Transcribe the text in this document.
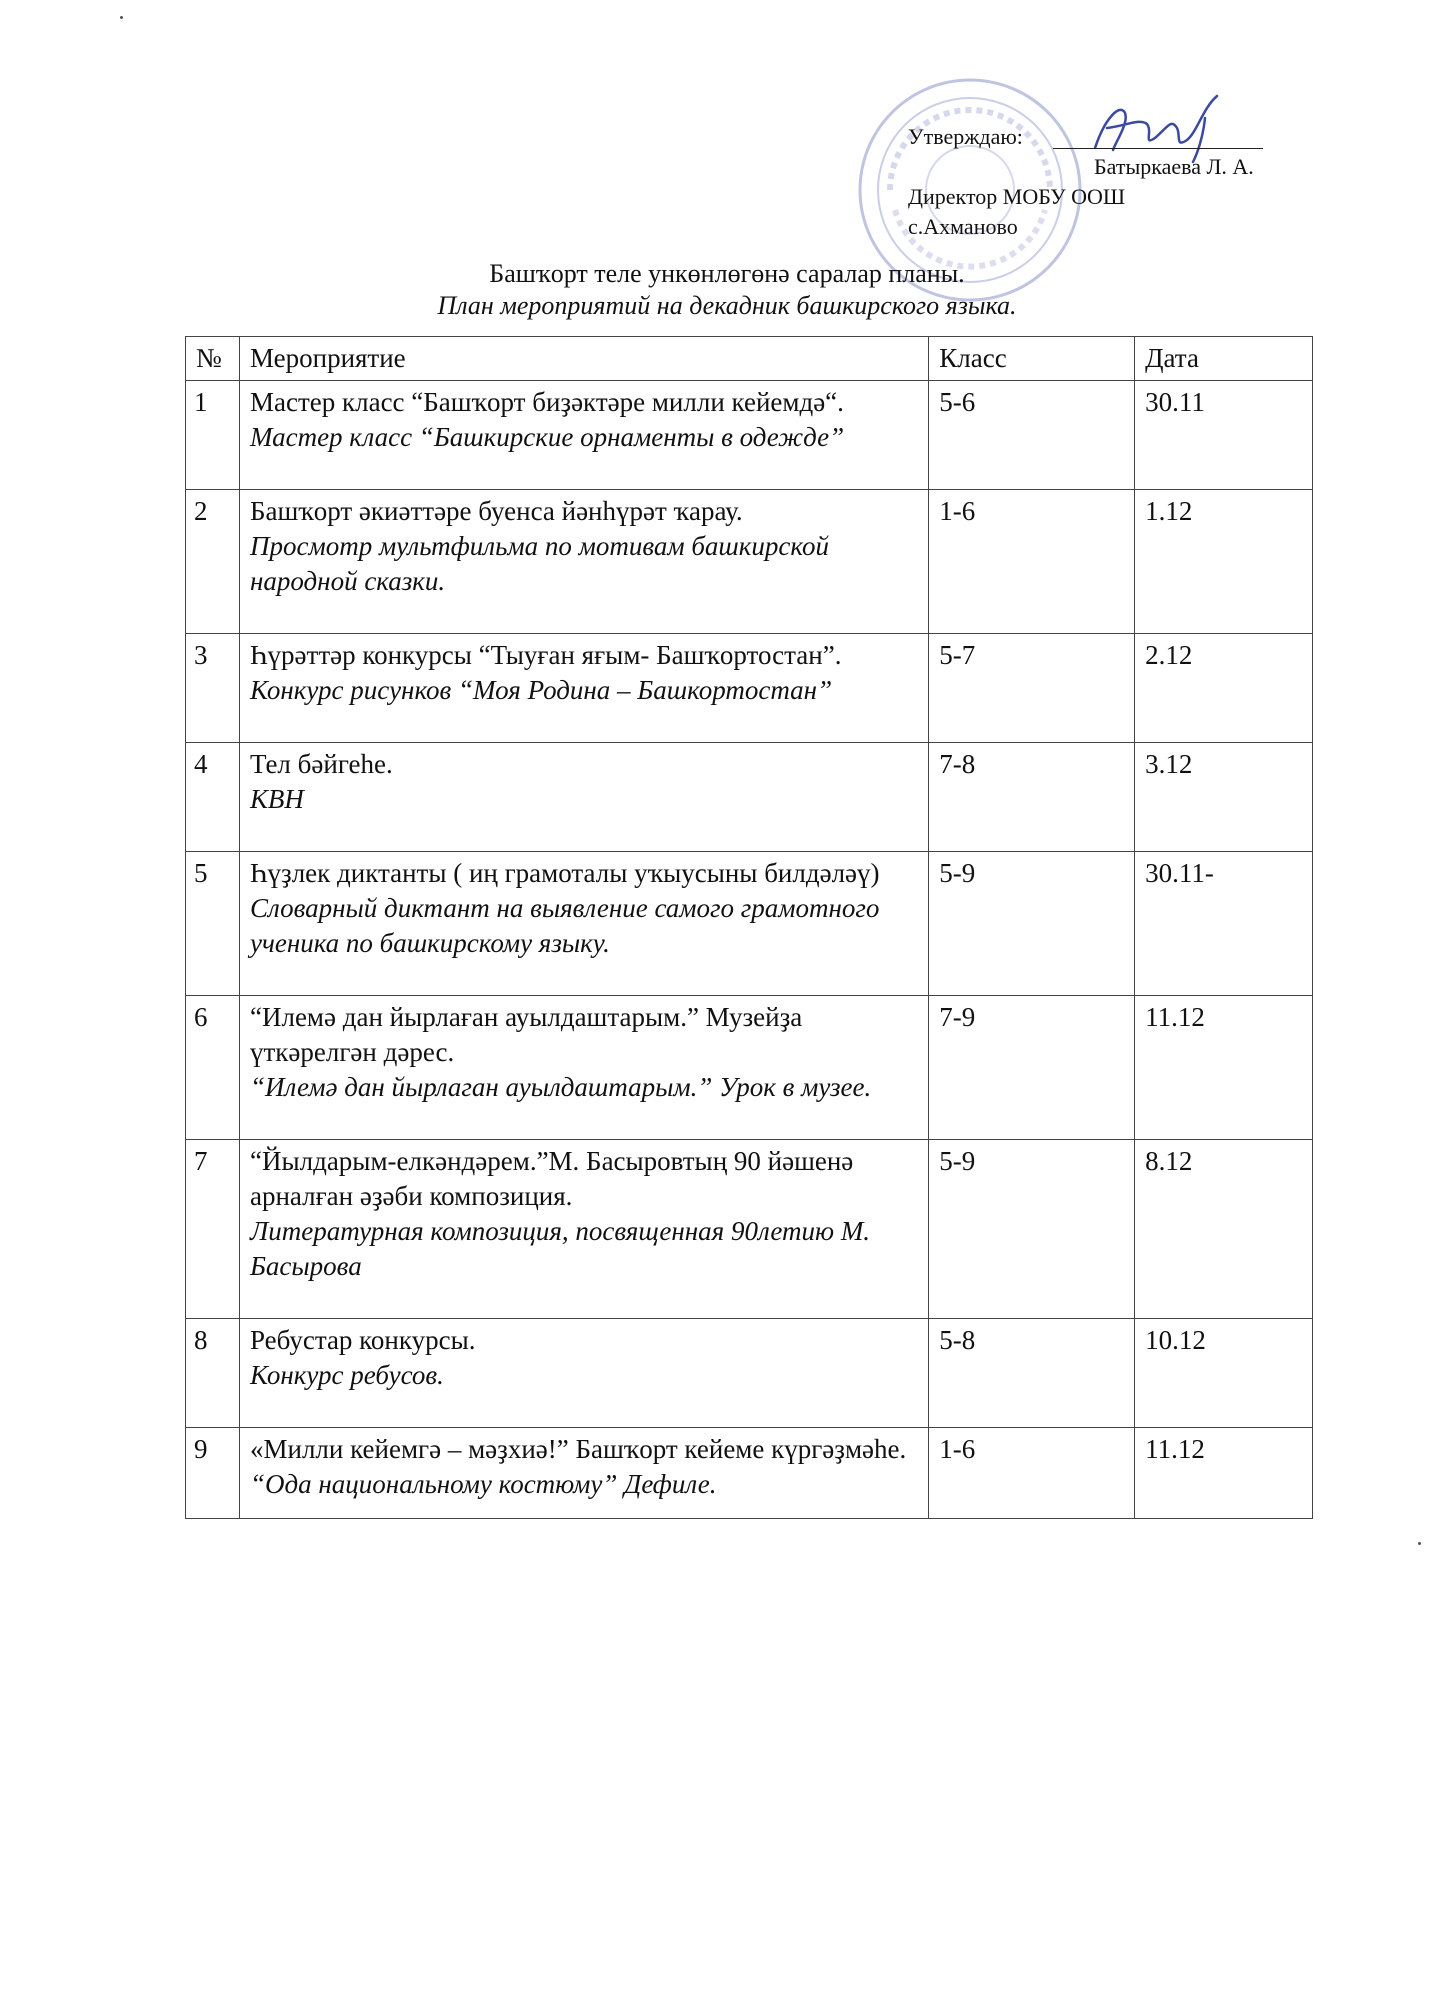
Утверждаю:
Батыркаева Л. А.
Директор МОБУ ООШ
с.Ахманово
Башҡорт теле ункөнлөгөнә саралар планы.
План мероприятий на декадник башкирского языка.
№	Мероприятие	Класс	Дата
1	Мастер класс “Башҡорт биҙәктәре милли кейемдә“.
Мастер класс “Башкирские орнаменты в одежде”	5-6	30.11
2	Башҡорт әкиәттәре буенса йәнһүрәт ҡарау.
Просмотр мультфильма по мотивам башкирской народной сказки.	1-6	1.12
3	Һүрәттәр конкурсы “Тыуған яғым- Башҡортостан”.
Конкурс рисунков “Моя Родина – Башкортостан”	5-7	2.12
4	Тел бәйгеһе.
КВН	7-8	3.12
5	Һүҙлек диктанты ( иң грамоталы уҡыусыны билдәләү)
Словарный диктант на выявление самого грамотного ученика по башкирскому языку.	5-9	30.11-
6	“Илемә дан йырлаған ауылдаштарым.” Музейҙа үткәрелгән дәрес.
“Илемә дан йырлаган ауылдаштарым.” Урок в музее.	7-9	11.12
7	“Йылдарым-елкәндәрем.”М. Басыровтың 90 йәшенә арналған әҙәби композиция.
Литературная композиция, посвященная 90летию М. Басырова	5-9	8.12
8	Ребустар конкурсы.
Конкурс ребусов.	5-8	10.12
9	«Милли кейемгә – мәҙхиә!” Башҡорт кейеме күргәҙмәһе.
“Ода национальному костюму” Дефиле.	1-6	11.12
